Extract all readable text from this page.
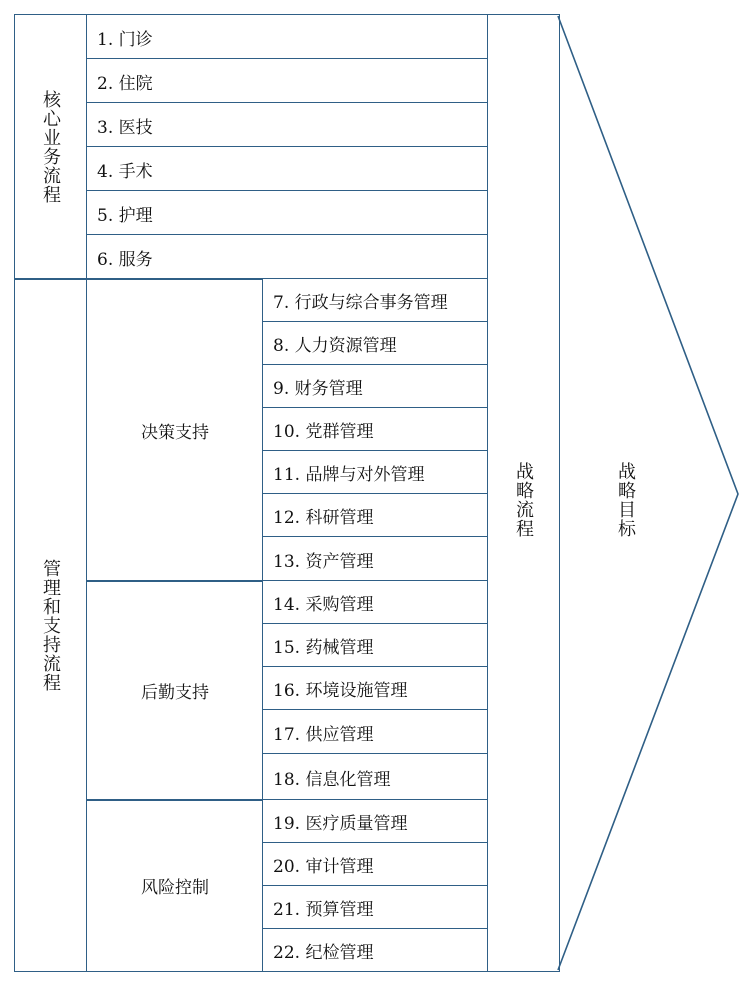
核心业务流程
管理和支持流程
1. 门诊
2. 住院
3. 医技
4. 手术
5. 护理
6. 服务
决策支持
后勤支持
风险控制
7. 行政与综合事务管理
8. 人力资源管理
9. 财务管理
10. 党群管理
11. 品牌与对外管理
12. 科研管理
13. 资产管理
14. 采购管理
15. 药械管理
16. 环境设施管理
17. 供应管理
18. 信息化管理
19. 医疗质量管理
20. 审计管理
21. 预算管理
22. 纪检管理
战略流程	战略目标
